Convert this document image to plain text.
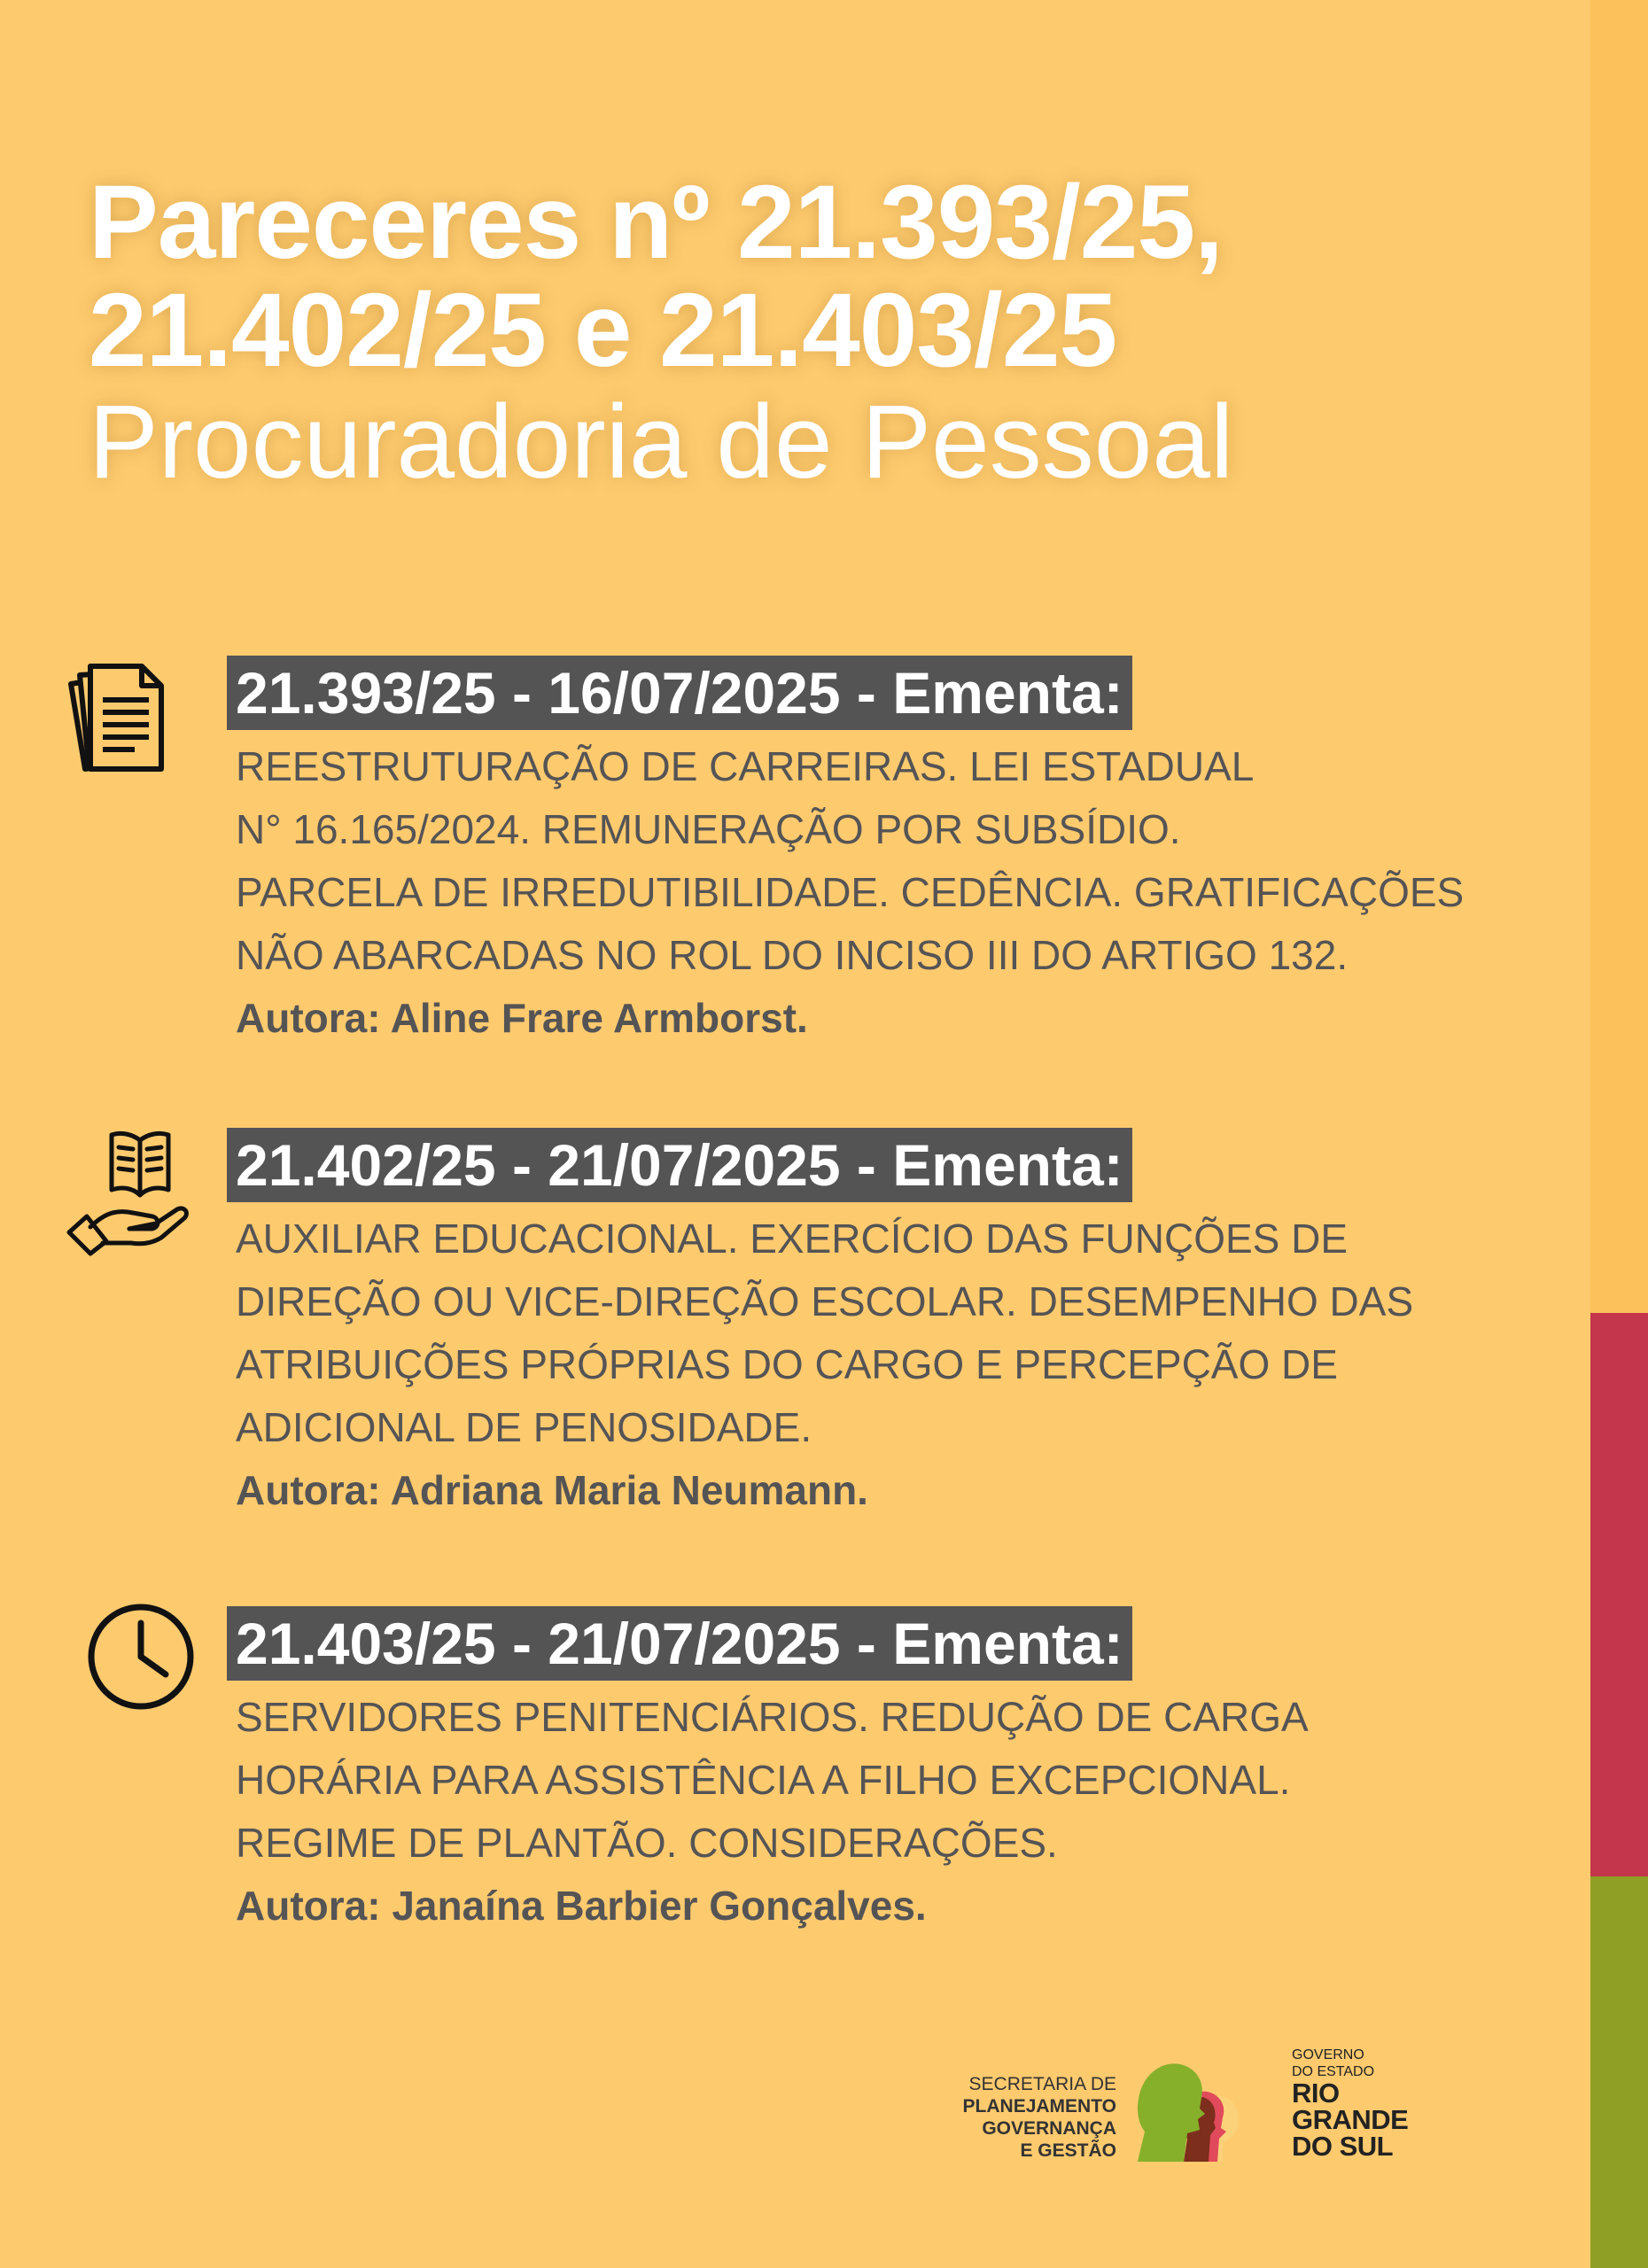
Pareceres nº 21.393/25,
21.402/25 e 21.403/25
Procuradoria de Pessoal
21.393/25 - 16/07/2025 - Ementa:
REESTRUTURAÇÃO DE CARREIRAS. LEI ESTADUAL
N° 16.165/2024. REMUNERAÇÃO POR SUBSÍDIO.
PARCELA DE IRREDUTIBILIDADE. CEDÊNCIA. GRATIFICAÇÕES
NÃO ABARCADAS NO ROL DO INCISO III DO ARTIGO 132.
Autora: Aline Frare Armborst.
21.402/25 - 21/07/2025 - Ementa:
AUXILIAR EDUCACIONAL. EXERCÍCIO DAS FUNÇÕES DE
DIREÇÃO OU VICE-DIREÇÃO ESCOLAR. DESEMPENHO DAS
ATRIBUIÇÕES PRÓPRIAS DO CARGO E PERCEPÇÃO DE
ADICIONAL DE PENOSIDADE.
Autora: Adriana Maria Neumann.
21.403/25 - 21/07/2025 - Ementa:
SERVIDORES PENITENCIÁRIOS. REDUÇÃO DE CARGA
HORÁRIA PARA ASSISTÊNCIA A FILHO EXCEPCIONAL.
REGIME DE PLANTÃO. CONSIDERAÇÕES.
Autora: Janaína Barbier Gonçalves.
SECRETARIA DE
PLANEJAMENTO
GOVERNANÇA
E GESTÃO
GOVERNO
DO ESTADO
RIO
GRANDE
DO SUL
